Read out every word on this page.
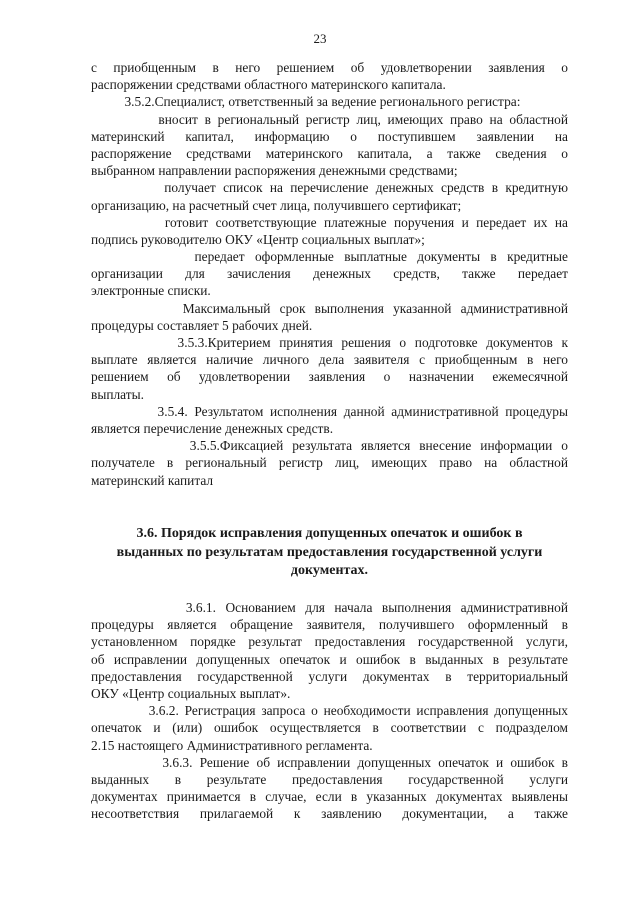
23
с приобщенным в него решением об удовлетворении заявления о
распоряжении средствами областного материнского капитала.
3.5.2.Специалист, ответственный за ведение регионального регистра:
вносит в региональный регистр лиц, имеющих право на областной
материнский капитал, информацию о поступившем заявлении на
распоряжение средствами материнского капитала, а также сведения о
выбранном направлении распоряжения денежными средствами;
получает список на перечисление денежных средств в кредитную
организацию, на расчетный счет лица, получившего сертификат;
готовит соответствующие платежные поручения и передает их на
подпись руководителю ОКУ «Центр социальных выплат»;
передает оформленные выплатные документы в кредитные
организации для зачисления денежных средств, также передает
электронные списки.
Максимальный срок выполнения указанной административной
процедуры составляет 5 рабочих дней.
3.5.3.Критерием принятия решения о подготовке документов к
выплате является наличие личного дела заявителя с приобщенным в него
решением об удовлетворении заявления о назначении ежемесячной
выплаты.
3.5.4. Результатом исполнения данной административной процедуры
является перечисление денежных средств.
3.5.5.Фиксацией результата является внесение информации о
получателе в региональный регистр лиц, имеющих право на областной
материнский капитал
3.6. Порядок исправления допущенных опечаток и ошибок в
выданных по результатам предоставления государственной услуги
документах.
3.6.1. Основанием для начала выполнения административной
процедуры является обращение заявителя, получившего оформленный в
установленном порядке результат предоставления государственной услуги,
об исправлении допущенных опечаток и ошибок в выданных в результате
предоставления государственной услуги документах в территориальный
ОКУ «Центр социальных выплат».
3.6.2. Регистрация запроса о необходимости исправления допущенных
опечаток и (или) ошибок осуществляется в соответствии с подразделом
2.15 настоящего Административного регламента.
3.6.3. Решение об исправлении допущенных опечаток и ошибок в
выданных в результате предоставления государственной услуги
документах принимается в случае, если в указанных документах выявлены
несоответствия прилагаемой к заявлению документации, а также
